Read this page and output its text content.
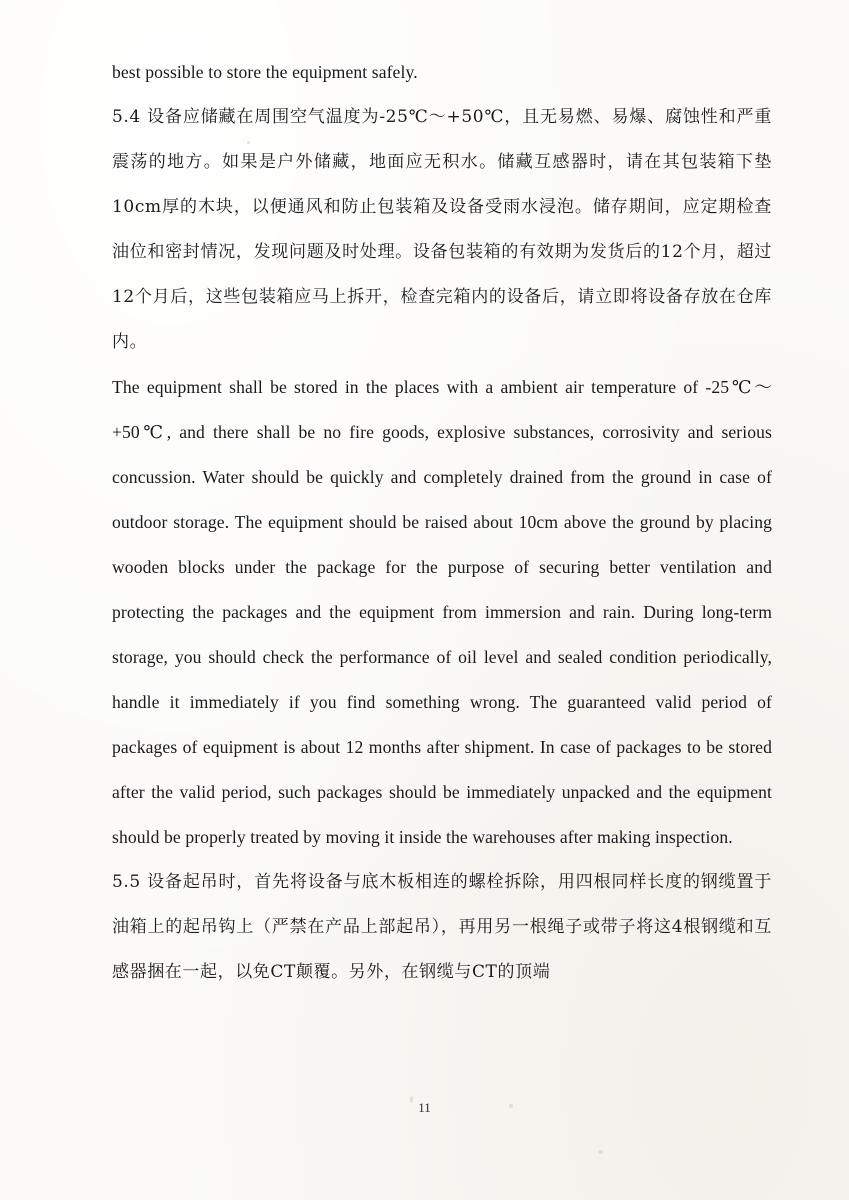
best possible to store the equipment safely.

5.4 设备应储藏在周围空气温度为-25℃～+50℃，且无易燃、易爆、腐蚀性和严重震荡的地方。如果是户外储藏，地面应无积水。储藏互感器时，请在其包装箱下垫10cm厚的木块，以便通风和防止包装箱及设备受雨水浸泡。储存期间，应定期检查油位和密封情况，发现问题及时处理。设备包装箱的有效期为发货后的12个月，超过12个月后，这些包装箱应马上拆开，检查完箱内的设备后，请立即将设备存放在仓库内。

The equipment shall be stored in the places with a ambient air temperature of -25℃～+50℃, and there shall be no fire goods, explosive substances, corrosivity and serious concussion. Water should be quickly and completely drained from the ground in case of outdoor storage. The equipment should be raised about 10cm above the ground by placing wooden blocks under the package for the purpose of securing better ventilation and protecting the packages and the equipment from immersion and rain. During long-term storage, you should check the performance of oil level and sealed condition periodically, handle it immediately if you find something wrong. The guaranteed valid period of packages of equipment is about 12 months after shipment. In case of packages to be stored after the valid period, such packages should be immediately unpacked and the equipment should be properly treated by moving it inside the warehouses after making inspection.

5.5 设备起吊时，首先将设备与底木板相连的螺栓拆除，用四根同样长度的钢缆置于油箱上的起吊钩上（严禁在产品上部起吊），再用另一根绳子或带子将这4根钢缆和互感器捆在一起，以免CT颠覆。另外，在钢缆与CT的顶端

11
